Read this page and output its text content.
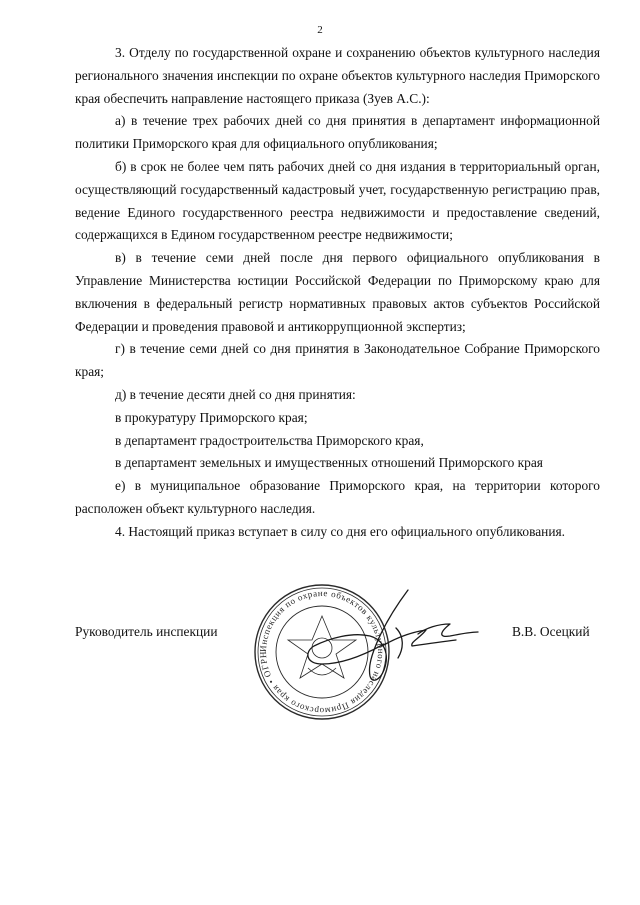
2

3. Отделу по государственной охране и сохранению объектов культурного наследия регионального значения инспекции по охране объектов культурного наследия Приморского края обеспечить направление настоящего приказа (Зуев А.С.):

а) в течение трех рабочих дней со дня принятия в департамент информационной политики Приморского края для официального опубликования;

б) в срок не более чем пять рабочих дней со дня издания в территориальный орган, осуществляющий государственный кадастровый учет, государственную регистрацию прав, ведение Единого государственного реестра недвижимости и предоставление сведений, содержащихся в Едином государственном реестре недвижимости;

в) в течение семи дней после дня первого официального опубликования в Управление Министерства юстиции Российской Федерации по Приморскому краю для включения в федеральный регистр нормативных правовых актов субъектов Российской Федерации и проведения правовой и антикоррупционной экспертиз;

г) в течение семи дней со дня принятия в Законодательное Собрание Приморского края;

д) в течение десяти дней со дня принятия:

в прокуратуру Приморского края;

в департамент градостроительства Приморского края,

в департамент земельных и имущественных отношений Приморского края

е) в муниципальное образование Приморского края, на территории которого расположен объект культурного наследия.

4. Настоящий приказ вступает в силу со дня его официального опубликования.

Руководитель инспекции
Инспекция по охране объектов культурного наследия Приморского края • ОГРН
В.В. Осецкий
